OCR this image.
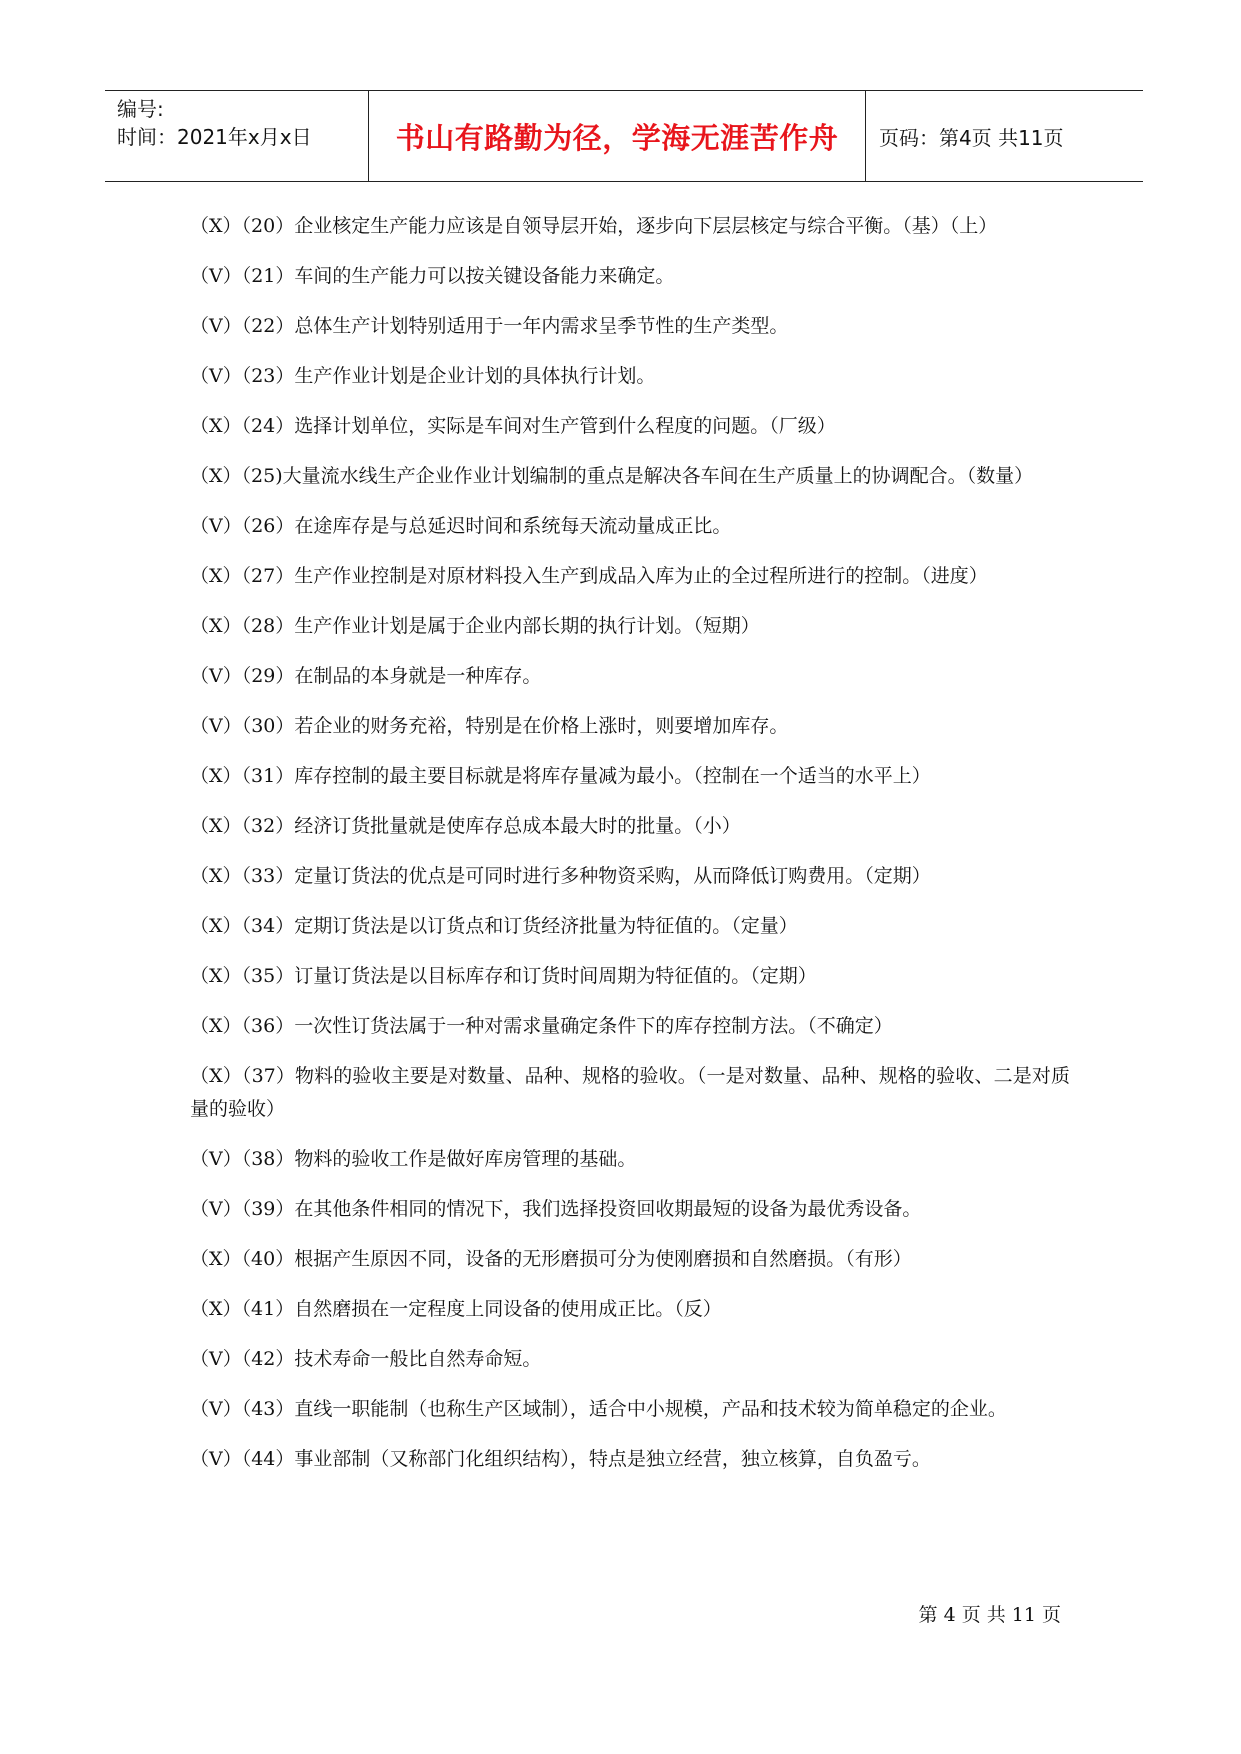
编号:
时间：2021年x月x日	书山有路勤为径，学海无涯苦作舟 页码：第4页 共11页

（X）（20）企业核定生产能力应该是自领导层开始，逐步向下层层核定与综合平衡。（基）（上）

（V）（21）车间的生产能力可以按关键设备能力来确定。

（V）（22）总体生产计划特别适用于一年内需求呈季节性的生产类型。

（V）（23）生产作业计划是企业计划的具体执行计划。

（X）（24）选择计划单位，实际是车间对生产管到什么程度的问题。（厂级）

（X）（25)大量流水线生产企业作业计划编制的重点是解决各车间在生产质量上的协调配合。（数量）

（V）（26）在途库存是与总延迟时间和系统每天流动量成正比。

（X）（27）生产作业控制是对原材料投入生产到成品入库为止的全过程所进行的控制。（进度）

（X）（28）生产作业计划是属于企业内部长期的执行计划。（短期）

（V）（29）在制品的本身就是一种库存。

（V）（30）若企业的财务充裕，特别是在价格上涨时，则要增加库存。

（X）（31）库存控制的最主要目标就是将库存量减为最小。（控制在一个适当的水平上）

（X）（32）经济订货批量就是使库存总成本最大时的批量。（小）

（X）（33）定量订货法的优点是可同时进行多种物资采购，从而降低订购费用。（定期）

（X）（34）定期订货法是以订货点和订货经济批量为特征值的。（定量）

（X）（35）订量订货法是以目标库存和订货时间周期为特征值的。（定期）

（X）（36）一次性订货法属于一种对需求量确定条件下的库存控制方法。（不确定）

（X）（37）物料的验收主要是对数量、品种、规格的验收。（一是对数量、品种、规格的验收、二是对质量的验收）

（V）（38）物料的验收工作是做好库房管理的基础。

（V）（39）在其他条件相同的情况下，我们选择投资回收期最短的设备为最优秀设备。

（X）（40）根据产生原因不同，设备的无形磨损可分为使刚磨损和自然磨损。（有形）

（X）（41）自然磨损在一定程度上同设备的使用成正比。（反）

（V）（42）技术寿命一般比自然寿命短。

（V）（43）直线一职能制（也称生产区域制），适合中小规模，产品和技术较为简单稳定的企业。

（V）（44）事业部制（又称部门化组织结构），特点是独立经营，独立核算，自负盈亏。

第 4 页 共 11 页
